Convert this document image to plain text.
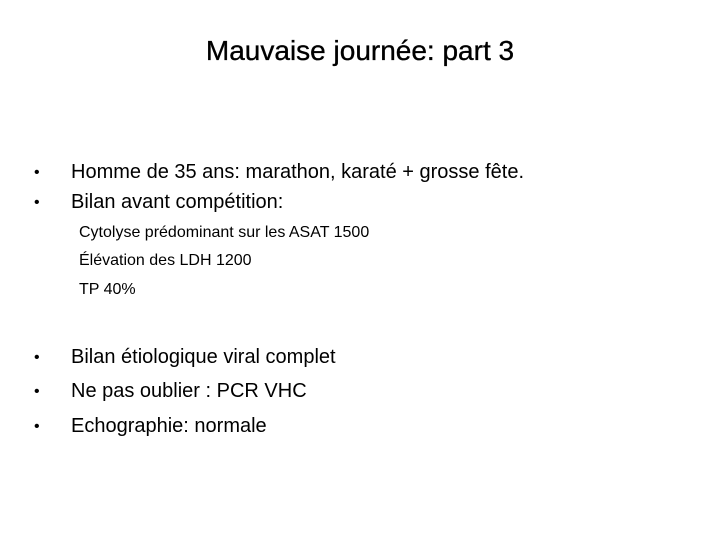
Mauvaise journée: part 3
• Homme de 35 ans: marathon, karaté + grosse fête.
• Bilan avant compétition:
Cytolyse prédominant sur les ASAT 1500
Élévation des LDH 1200
TP 40%
• Bilan étiologique viral complet
• Ne pas oublier : PCR VHC
• Echographie: normale
